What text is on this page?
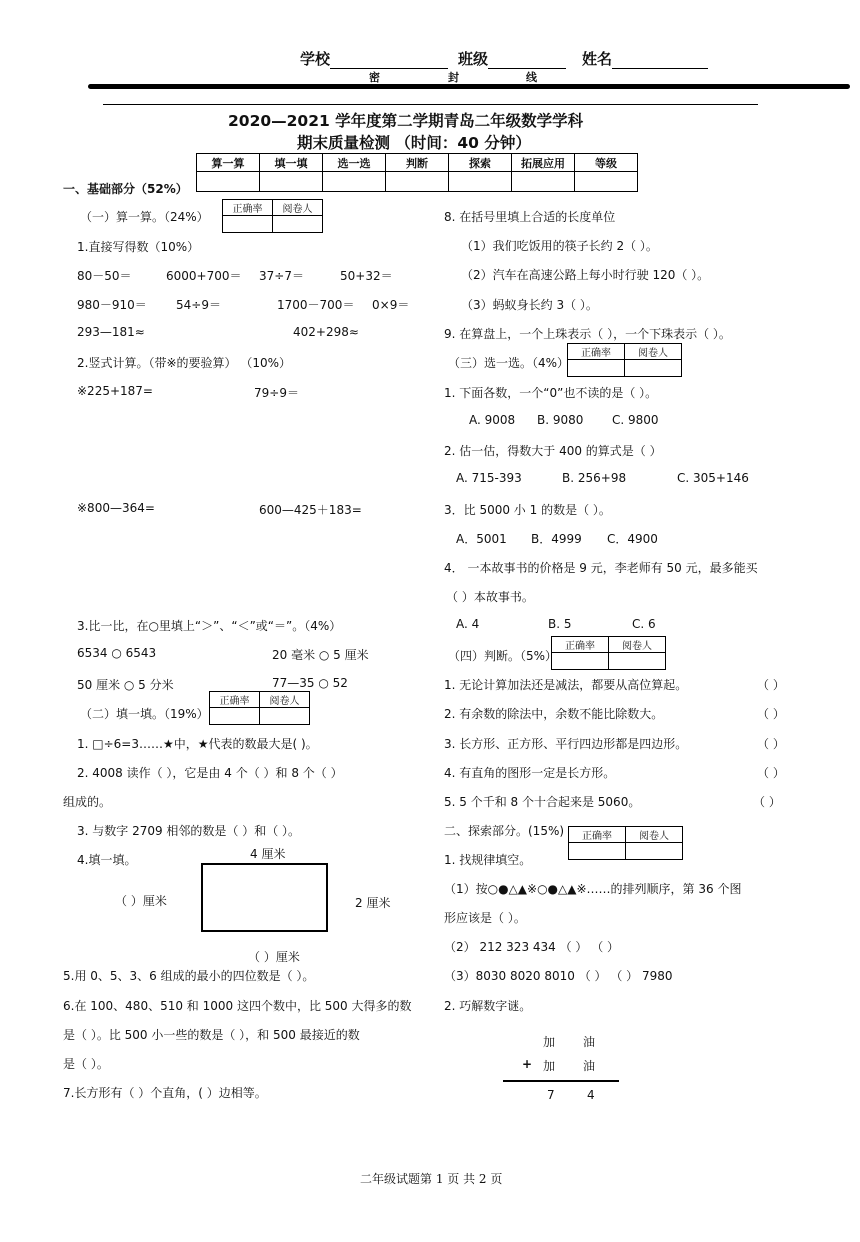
学校	班级	姓名
密	封	线
2020—2021 学年度第二学期青岛二年级数学学科
期末质量检测 （时间：40 分钟）
算一算	填一填	选一选	判断	探索	拓展应用	等级

一、基础部分（52%）
（一）算一算。（24%）
正确率	阅卷人

1.直接写得数（10%）
80－50＝	6000+700＝ 37÷7＝	50+32＝
980－910＝ 54÷9＝	1700－700＝ 0×9＝
293—181≈	402+298≈
2.竖式计算。（带※的要验算） （10%）
※225+187=	79÷9＝
※800—364=	600—425＋183=
3.比一比，在○里填上“＞”、“＜”或“＝”。（4%）
6534 ○ 6543	20 毫米 ○ 5 厘米
50 厘米 ○ 5 分米	77—35 ○ 52
（二）填一填。（19%）
正确率	阅卷人

1. □÷6=3……★中，★代表的数最大是( )。
2. 4008 读作（ ），它是由 4 个（ ）和 8 个（ ）
组成的。
3. 与数字 2709 相邻的数是（ ）和（ ）。
4.填一填。	4 厘米
（ ）厘米	2 厘米
（ ）厘米
5.用 0、5、3、6 组成的最小的四位数是（ ）。
6.在 100、480、510 和 1000 这四个数中，比 500 大得多的数
是（ ）。比 500 小一些的数是（ ），和 500 最接近的数
是（ ）。
7.长方形有（ ）个直角，( ）边相等。
8. 在括号里填上合适的长度单位
（1）我们吃饭用的筷子长约 2（ ）。
（2）汽车在高速公路上每小时行驶 120（ ）。
（3）蚂蚁身长约 3（ ）。
9. 在算盘上，一个上珠表示（ ），一个下珠表示（ ）。
（三）选一选。（4%）
正确率	阅卷人

1. 下面各数，一个“0”也不读的是（ ）。
A. 9008 B. 9080 C. 9800
2. 估一估，得数大于 400 的算式是（ ）
A. 715-393	B. 256+98	C. 305+146
3．比 5000 小 1 的数是（ ）。
A．5001 B．4999 C．4900
4． 一本故事书的价格是 9 元，李老师有 50 元，最多能买
（ ）本故事书。
A. 4	B. 5	C. 6
（四）判断。（5%）
正确率	阅卷人

1. 无论计算加法还是减法，都要从高位算起。	（ ）
2. 有余数的除法中，余数不能比除数大。	（ ）
3. 长方形、正方形、平行四边形都是四边形。	（ ）
4. 有直角的图形一定是长方形。	（ ）
5. 5 个千和 8 个十合起来是 5060。	（ ）
二、探索部分。(15%) 正确率	阅卷人

1. 找规律填空。
（1）按○●△▲※○●△▲※……的排列顺序，第 36 个图
形应该是（ ）。
（2） 212 323 434 （ ） （ ）
（3）8030 8020 8010 （ ） （ ） 7980
2. 巧解数字谜。
加 油
+ 加 油
7	4
二年级试题第 1 页 共 2 页
